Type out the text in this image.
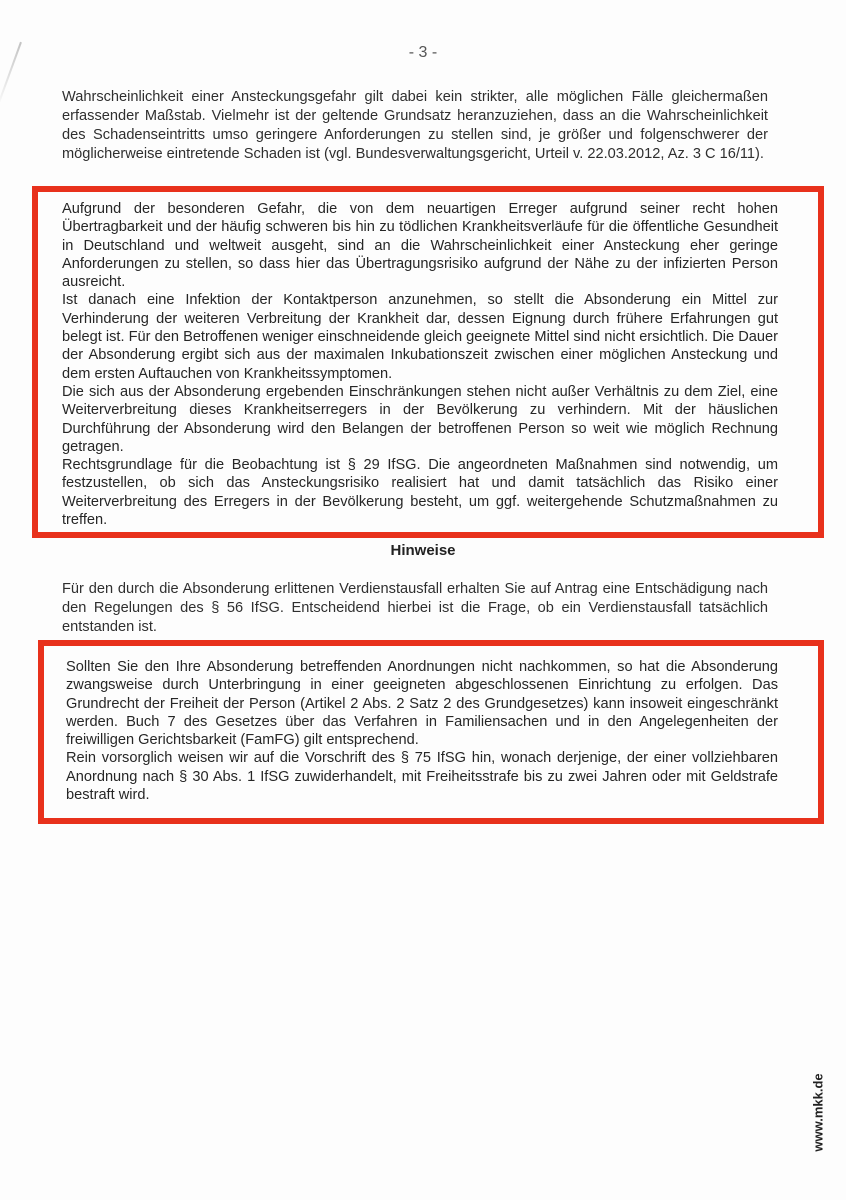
- 3 -

Wahrscheinlichkeit einer Ansteckungsgefahr gilt dabei kein strikter, alle möglichen Fälle gleichermaßen erfassender Maßstab. Vielmehr ist der geltende Grundsatz heranzuziehen, dass an die Wahrscheinlichkeit des Schadenseintritts umso geringere Anforderungen zu stellen sind, je größer und folgenschwerer der möglicherweise eintretende Schaden ist (vgl. Bundesverwaltungsgericht, Urteil v. 22.03.2012, Az. 3 C 16/11).

Aufgrund der besonderen Gefahr, die von dem neuartigen Erreger aufgrund seiner recht hohen Übertragbarkeit und der häufig schweren bis hin zu tödlichen Krankheitsverläufe für die öffentliche Gesundheit in Deutschland und weltweit ausgeht, sind an die Wahrscheinlichkeit einer Ansteckung eher geringe Anforderungen zu stellen, so dass hier das Übertragungsrisiko aufgrund der Nähe zu der infizierten Person ausreicht.

Ist danach eine Infektion der Kontaktperson anzunehmen, so stellt die Absonderung ein Mittel zur Verhinderung der weiteren Verbreitung der Krankheit dar, dessen Eignung durch frühere Erfahrungen gut belegt ist. Für den Betroffenen weniger einschneidende gleich geeignete Mittel sind nicht ersichtlich. Die Dauer der Absonderung ergibt sich aus der maximalen Inkubationszeit zwischen einer möglichen Ansteckung und dem ersten Auftauchen von Krankheitssymptomen.

Die sich aus der Absonderung ergebenden Einschränkungen stehen nicht außer Verhältnis zu dem Ziel, eine Weiterverbreitung dieses Krankheitserregers in der Bevölkerung zu verhindern. Mit der häuslichen Durchführung der Absonderung wird den Belangen der betroffenen Person so weit wie möglich Rechnung getragen.

Rechtsgrundlage für die Beobachtung ist § 29 IfSG. Die angeordneten Maßnahmen sind notwendig, um festzustellen, ob sich das Ansteckungsrisiko realisiert hat und damit tatsächlich das Risiko einer Weiterverbreitung des Erregers in der Bevölkerung besteht, um ggf. weitergehende Schutzmaßnahmen zu treffen.

Hinweise

Für den durch die Absonderung erlittenen Verdienstausfall erhalten Sie auf Antrag eine Entschädigung nach den Regelungen des § 56 IfSG. Entscheidend hierbei ist die Frage, ob ein Verdienstausfall tatsächlich entstanden ist.

Sollten Sie den Ihre Absonderung betreffenden Anordnungen nicht nachkommen, so hat die Absonderung zwangsweise durch Unterbringung in einer geeigneten abgeschlossenen Einrichtung zu erfolgen. Das Grundrecht der Freiheit der Person (Artikel 2 Abs. 2 Satz 2 des Grundgesetzes) kann insoweit eingeschränkt werden. Buch 7 des Gesetzes über das Verfahren in Familiensachen und in den Angelegenheiten der freiwilligen Gerichtsbarkeit (FamFG) gilt entsprechend.

Rein vorsorglich weisen wir auf die Vorschrift des § 75 IfSG hin, wonach derjenige, der einer vollziehbaren Anordnung nach § 30 Abs. 1 IfSG zuwiderhandelt, mit Freiheitsstrafe bis zu zwei Jahren oder mit Geldstrafe bestraft wird.

www.mkk.de
